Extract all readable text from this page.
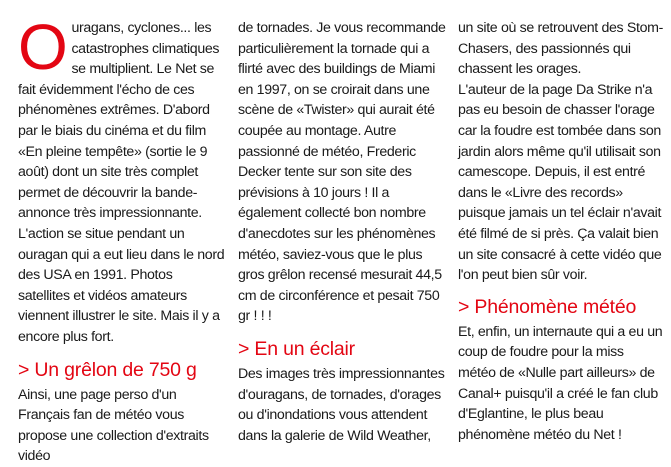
Ouragans, cyclones... les catastrophes climatiques se multiplient. Le Net se fait évidemment l'écho de ces phénomènes extrêmes. D'abord par le biais du cinéma et du film «En pleine tempête» (sortie le 9 août) dont un site très complet permet de découvrir la bande-annonce très impressionnante. L'action se situe pendant un ouragan qui a eut lieu dans le nord des USA en 1991. Photos satellites et vidéos amateurs viennent illustrer le site. Mais il y a encore plus fort.

> Un grêlon de 750 g

Ainsi, une page perso d'un Français fan de météo vous propose une collection d'extraits vidéo

de tornades. Je vous recommande particulièrement la tornade qui a flirté avec des buildings de Miami en 1997, on se croirait dans une scène de «Twister» qui aurait été coupée au montage. Autre passionné de météo, Frederic Decker tente sur son site des prévisions à 10 jours ! Il a également collecté bon nombre d'anecdotes sur les phénomènes météo, saviez-vous que le plus gros grêlon recensé mesurait 44,5 cm de circonférence et pesait 750 gr ! ! !

> En un éclair

Des images très impressionnantes d'ouragans, de tornades, d'orages ou d'inondations vous attendent dans la galerie de Wild Weather,

un site où se retrouvent des Stom-Chasers, des passionnés qui chassent les orages.

L'auteur de la page Da Strike n'a pas eu besoin de chasser l'orage car la foudre est tombée dans son jardin alors même qu'il utilisait son camescope. Depuis, il est entré dans le «Livre des records» puisque jamais un tel éclair n'avait été filmé de si près. Ça valait bien un site consacré à cette vidéo que l'on peut bien sûr voir.

> Phénomène météo

Et, enfin, un internaute qui a eu un coup de foudre pour la miss météo de «Nulle part ailleurs» de Canal+ puisqu'il a créé le fan club d'Eglantine, le plus beau phénomène météo du Net !
